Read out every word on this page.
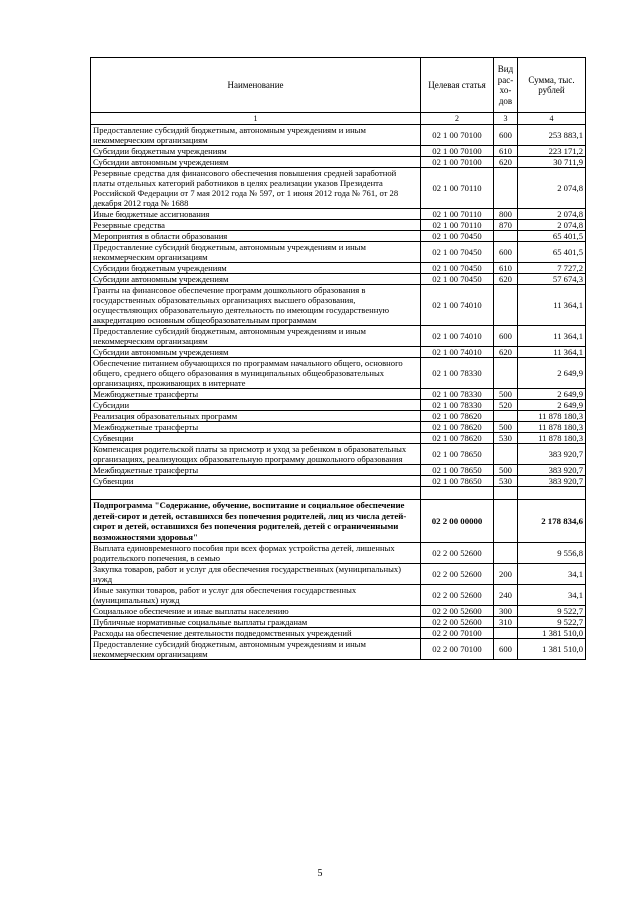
Наименование	Целевая статья	Вид рас-хо-дов	Сумма, тыс. рублей
1	2	3	4
Предоставление субсидий бюджетным, автономным учреждениям и иным некоммерческим организациям	02 1 00 70100	600	253 883,1
Субсидии бюджетным учреждениям	02 1 00 70100	610	223 171,2
Субсидии автономным учреждениям	02 1 00 70100	620	30 711,9
Резервные средства для финансового обеспечения повышения средней заработной платы отдельных категорий работников в целях реализации указов Президента Российской Федерации от 7 мая 2012 года № 597, от 1 июня 2012 года № 761, от 28 декабря 2012 года № 1688	02 1 00 70110		2 074,8
Иные бюджетные ассигнования	02 1 00 70110	800	2 074,8
Резервные средства	02 1 00 70110	870	2 074,8
Мероприятия в области образования	02 1 00 70450		65 401,5
Предоставление субсидий бюджетным, автономным учреждениям и иным некоммерческим организациям	02 1 00 70450	600	65 401,5
Субсидии бюджетным учреждениям	02 1 00 70450	610	7 727,2
Субсидии автономным учреждениям	02 1 00 70450	620	57 674,3
Гранты на финансовое обеспечение программ дошкольного образования в государственных образовательных организациях высшего образования, осуществляющих образовательную деятельность по имеющим государственную аккредитацию основным общеобразовательным программам	02 1 00 74010		11 364,1
Предоставление субсидий бюджетным, автономным учреждениям и иным некоммерческим организациям	02 1 00 74010	600	11 364,1
Субсидии автономным учреждениям	02 1 00 74010	620	11 364,1
Обеспечение питанием обучающихся по программам начального общего, основного общего, среднего общего образования в муниципальных общеобразовательных организациях, проживающих в интернате	02 1 00 78330		2 649,9
Межбюджетные трансферты	02 1 00 78330	500	2 649,9
Субсидии	02 1 00 78330	520	2 649,9
Реализация образовательных программ	02 1 00 78620		11 878 180,3
Межбюджетные трансферты	02 1 00 78620	500	11 878 180,3
Субвенции	02 1 00 78620	530	11 878 180,3
Компенсация родительской платы за присмотр и уход за ребенком в образовательных организациях, реализующих образовательную программу дошкольного образования	02 1 00 78650		383 920,7
Межбюджетные трансферты	02 1 00 78650	500	383 920,7
Субвенции	02 1 00 78650	530	383 920,7

Подпрограмма "Содержание, обучение, воспитание и социальное обеспечение детей-сирот и детей, оставшихся без попечения родителей, лиц из числа детей-сирот и детей, оставшихся без попечения родителей, детей с ограниченными возможностями здоровья"	02 2 00 00000		2 178 834,6
Выплата единовременного пособия при всех формах устройства детей, лишенных родительского попечения, в семью	02 2 00 52600		9 556,8
Закупка товаров, работ и услуг для обеспечения государственных (муниципальных) нужд	02 2 00 52600	200	34,1
Иные закупки товаров, работ и услуг для обеспечения государственных (муниципальных) нужд	02 2 00 52600	240	34,1
Социальное обеспечение и иные выплаты населению	02 2 00 52600	300	9 522,7
Публичные нормативные социальные выплаты гражданам	02 2 00 52600	310	9 522,7
Расходы на обеспечение деятельности подведомственных учреждений	02 2 00 70100		1 381 510,0
Предоставление субсидий бюджетным, автономным учреждениям и иным некоммерческим организациям	02 2 00 70100	600	1 381 510,0
5
